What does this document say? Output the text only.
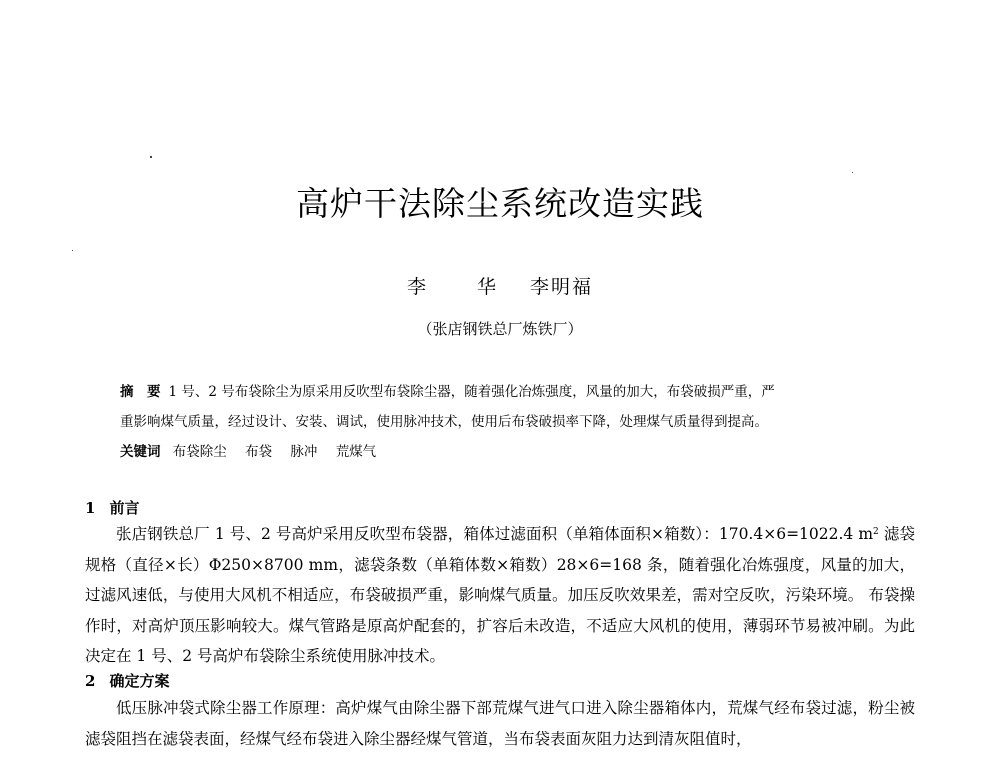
高炉干法除尘系统改造实践
李　华 李明福
（张店钢铁总厂炼铁厂）
摘　要 1 号、2 号布袋除尘为原采用反吹型布袋除尘器，随着强化冶炼强度，风量的加大，布袋破损严重，严
重影响煤气质量，经过设计、安装、调试，使用脉冲技术，使用后布袋破损率下降，处理煤气质量得到提高。
关键词 布袋除尘 布袋 脉冲 荒煤气
1 前言
张店钢铁总厂 1 号、2 号高炉采用反吹型布袋器，箱体过滤面积（单箱体面积×箱数）：170.4×6=1022.4 $m^2$ 滤袋规格（直径×长）Φ250×8700 mm，滤袋条数（单箱体数×箱数）28×6=168 条，随着强化冶炼强度，风量的加大，过滤风速低，与使用大风机不相适应，布袋破损严重，影响煤气质量。加压反吹效果差，需对空反吹，污染环境。 布袋操作时，对高炉顶压影响较大。煤气管路是原高炉配套的，扩容后未改造，不适应大风机的使用，薄弱环节易被冲刷。为此决定在 1 号、2 号高炉布袋除尘系统使用脉冲技术。
2 确定方案
低压脉冲袋式除尘器工作原理：高炉煤气由除尘器下部荒煤气进气口进入除尘器箱体内，荒煤气经布袋过滤，粉尘被滤袋阻挡在滤袋表面，经煤气经布袋进入除尘器经煤气管道，当布袋表面灰阻力达到清灰阻值时，
